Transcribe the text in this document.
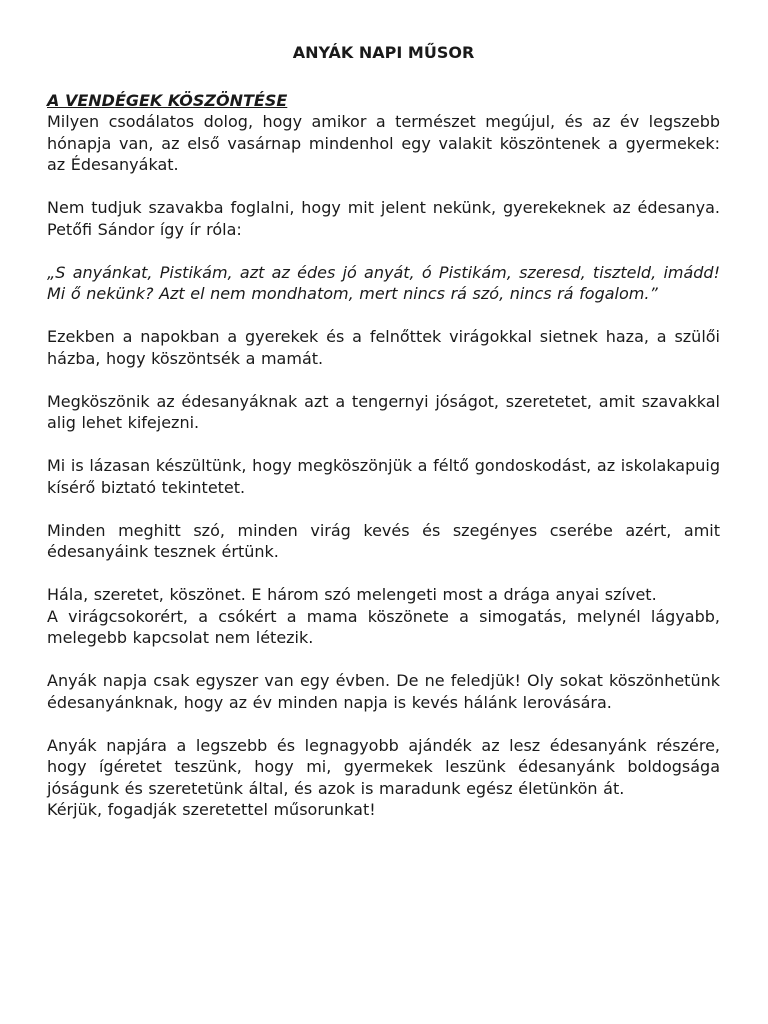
ANYÁK NAPI MŰSOR
A VENDÉGEK KÖSZÖNTÉSE

Milyen csodálatos dolog, hogy amikor a természet megújul, és az év legszebb hónapja van, az első vasárnap mindenhol egy valakit köszöntenek a gyermekek: az Édesanyákat.

Nem tudjuk szavakba foglalni, hogy mit jelent nekünk, gyerekeknek az édesanya. Petőfi Sándor így ír róla:

„S anyánkat, Pistikám, azt az édes jó anyát, ó Pistikám, szeresd, tiszteld, imádd! Mi ő nekünk? Azt el nem mondhatom, mert nincs rá szó, nincs rá fogalom.”

Ezekben a napokban a gyerekek és a felnőttek virágokkal sietnek haza, a szülői házba, hogy köszöntsék a mamát.

Megköszönik az édesanyáknak azt a tengernyi jóságot, szeretetet, amit szavakkal alig lehet kifejezni.

Mi is lázasan készültünk, hogy megköszönjük a féltő gondoskodást, az iskolakapuig kísérő biztató tekintetet.

Minden meghitt szó, minden virág kevés és szegényes cserébe azért, amit édesanyáink tesznek értünk.

Hála, szeretet, köszönet. E három szó melengeti most a drága anyai szívet.

A virágcsokorért, a csókért a mama köszönete a simogatás, melynél lágyabb, melegebb kapcsolat nem létezik.

Anyák napja csak egyszer van egy évben. De ne feledjük! Oly sokat köszönhetünk édesanyánknak, hogy az év minden napja is kevés hálánk lerovására.

Anyák napjára a legszebb és legnagyobb ajándék az lesz édesanyánk részére, hogy ígéretet teszünk, hogy mi, gyermekek leszünk édesanyánk boldogsága jóságunk és szeretetünk által, és azok is maradunk egész életünkön át.

Kérjük, fogadják szeretettel műsorunkat!
